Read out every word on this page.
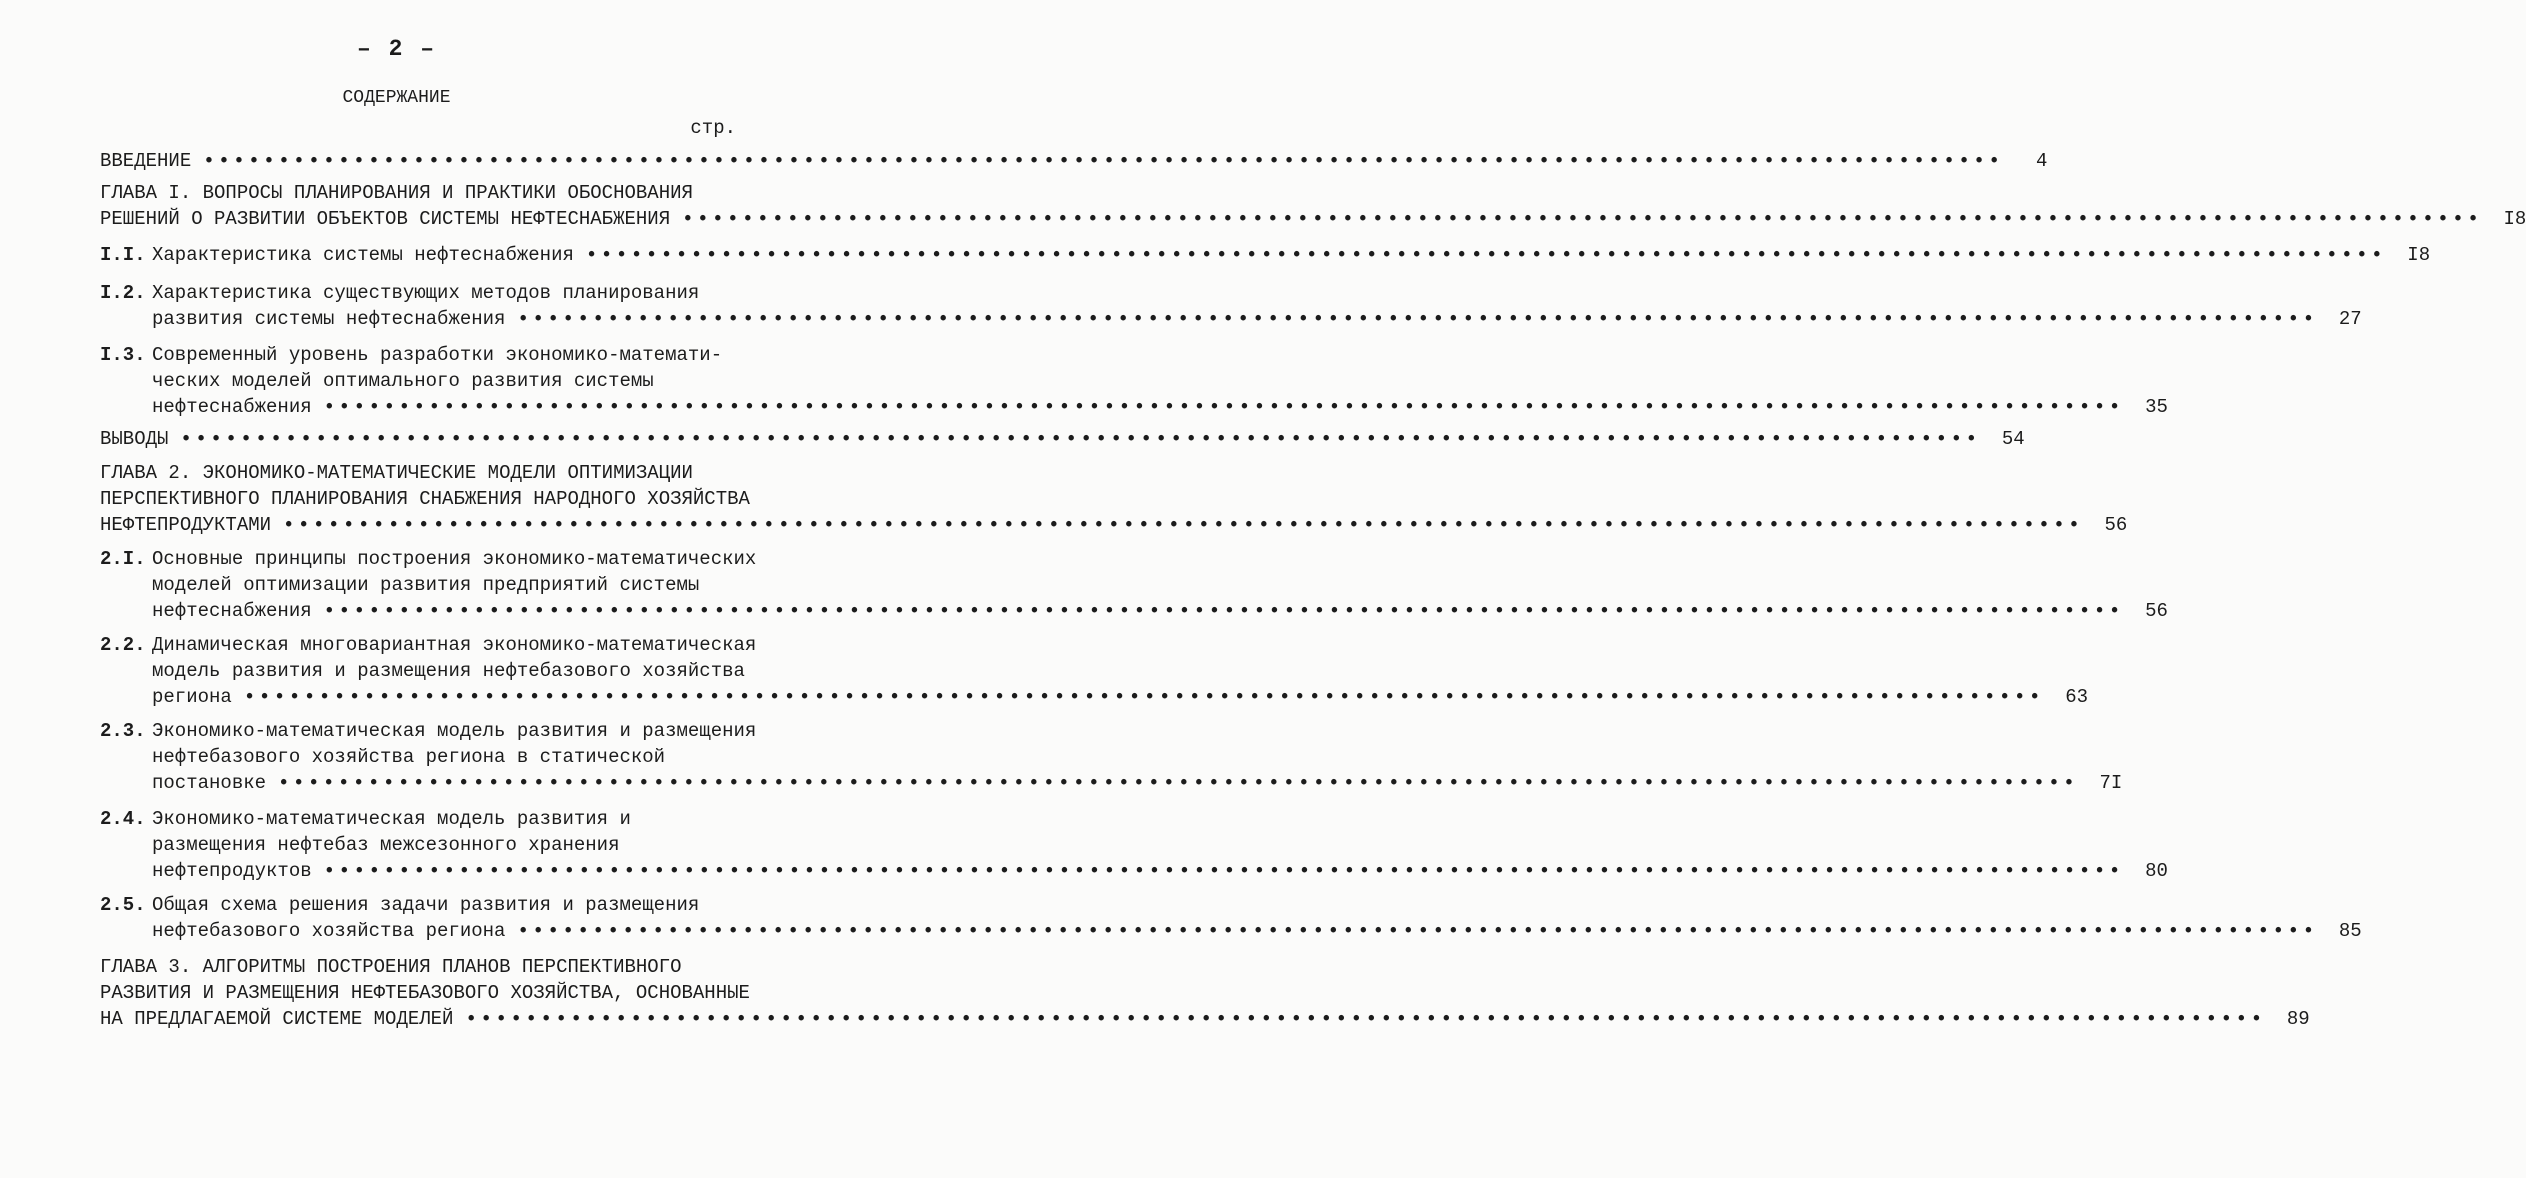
– 2 –
СОДЕРЖАНИЕ
стр.
ВВЕДЕНИЕ ••••••••••••••••••••••••••••••••••••••••••••••••••••••••••••••••••••••••••••••••••••••••••••••••••••••••••••••••••••••••	4
ГЛАВА I. ВОПРОСЫ ПЛАНИРОВАНИЯ И ПРАКТИКИ ОБОСНОВАНИЯ
РЕШЕНИЙ О РАЗВИТИИ ОБЪЕКТОВ СИСТЕМЫ НЕФТЕСНАБЖЕНИЯ ••••••••••••••••••••••••••••••••••••••••••••••••••••••••••••••••••••••••••••••••••••••••••••••••••••••••••••••••••••••••	I8
I.I. Характеристика системы нефтеснабжения ••••••••••••••••••••••••••••••••••••••••••••••••••••••••••••••••••••••••••••••••••••••••••••••••••••••••••••••••••••••••	I8
I.2. Характеристика существующих методов планирования
развития системы нефтеснабжения ••••••••••••••••••••••••••••••••••••••••••••••••••••••••••••••••••••••••••••••••••••••••••••••••••••••••••••••••••••••••	27
I.3. Современный уровень разработки экономико-математи-
ческих моделей оптимального развития системы
нефтеснабжения ••••••••••••••••••••••••••••••••••••••••••••••••••••••••••••••••••••••••••••••••••••••••••••••••••••••••••••••••••••••••	35
ВЫВОДЫ ••••••••••••••••••••••••••••••••••••••••••••••••••••••••••••••••••••••••••••••••••••••••••••••••••••••••••••••••••••••••	54
ГЛАВА 2. ЭКОНОМИКО-МАТЕМАТИЧЕСКИЕ МОДЕЛИ ОПТИМИЗАЦИИ
ПЕРСПЕКТИВНОГО ПЛАНИРОВАНИЯ СНАБЖЕНИЯ НАРОДНОГО ХОЗЯЙСТВА
НЕФТЕПРОДУКТАМИ ••••••••••••••••••••••••••••••••••••••••••••••••••••••••••••••••••••••••••••••••••••••••••••••••••••••••••••••••••••••••	56
2.I. Основные принципы построения экономико-математических
моделей оптимизации развития предприятий системы
нефтеснабжения ••••••••••••••••••••••••••••••••••••••••••••••••••••••••••••••••••••••••••••••••••••••••••••••••••••••••••••••••••••••••	56
2.2. Динамическая многовариантная экономико-математическая
модель развития и размещения нефтебазового хозяйства
региона ••••••••••••••••••••••••••••••••••••••••••••••••••••••••••••••••••••••••••••••••••••••••••••••••••••••••••••••••••••••••	63
2.3. Экономико-математическая модель развития и размещения
нефтебазового хозяйства региона в статической
постановке ••••••••••••••••••••••••••••••••••••••••••••••••••••••••••••••••••••••••••••••••••••••••••••••••••••••••••••••••••••••••	7I
2.4. Экономико-математическая модель развития и
размещения нефтебаз межсезонного хранения
нефтепродуктов ••••••••••••••••••••••••••••••••••••••••••••••••••••••••••••••••••••••••••••••••••••••••••••••••••••••••••••••••••••••••	80
2.5. Общая схема решения задачи развития и размещения
нефтебазового хозяйства региона ••••••••••••••••••••••••••••••••••••••••••••••••••••••••••••••••••••••••••••••••••••••••••••••••••••••••••••••••••••••••	85
ГЛАВА 3. АЛГОРИТМЫ ПОСТРОЕНИЯ ПЛАНОВ ПЕРСПЕКТИВНОГО
РАЗВИТИЯ И РАЗМЕЩЕНИЯ НЕФТЕБАЗОВОГО ХОЗЯЙСТВА, ОСНОВАННЫЕ
НА ПРЕДЛАГАЕМОЙ СИСТЕМЕ МОДЕЛЕЙ ••••••••••••••••••••••••••••••••••••••••••••••••••••••••••••••••••••••••••••••••••••••••••••••••••••••••••••••••••••••••	89
